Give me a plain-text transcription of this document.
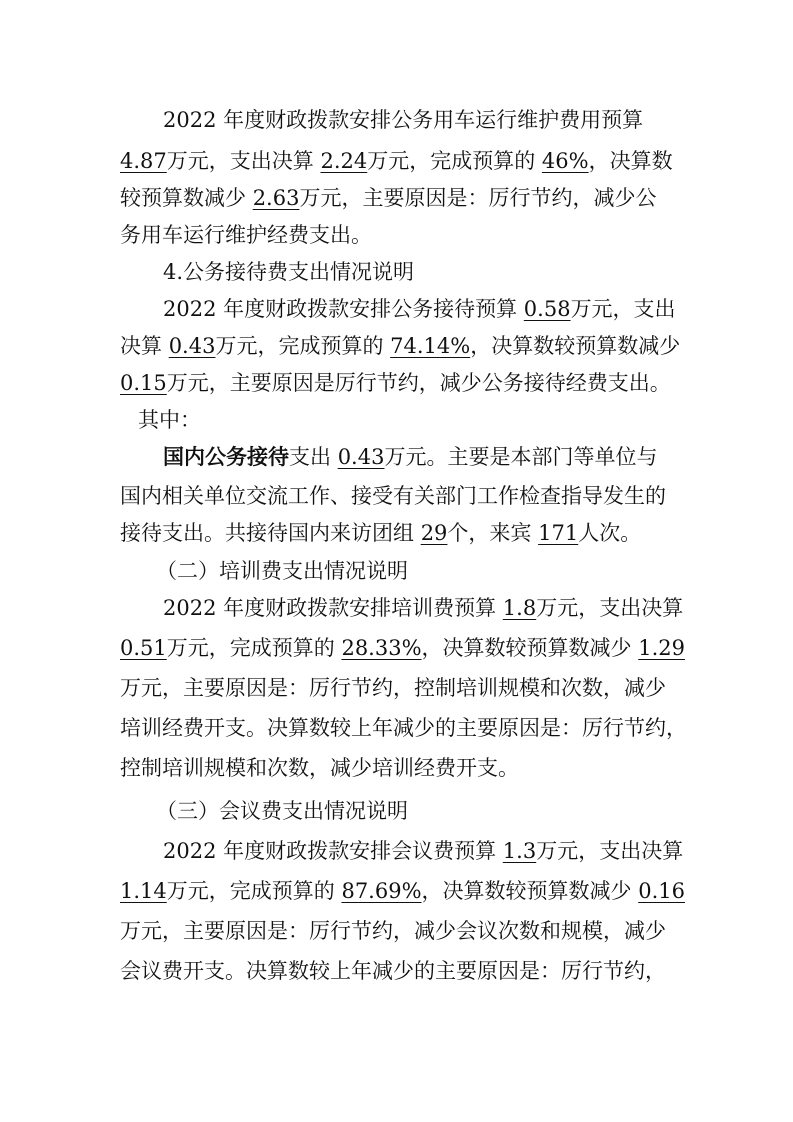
2022 年度财政拨款安排公务用车运行维护费用预算
4.87万元，支出决算 2.24万元，完成预算的 46%，决算数
较预算数减少 2.63万元，主要原因是：厉行节约，减少公
务用车运行维护经费支出。
4.公务接待费支出情况说明
2022 年度财政拨款安排公务接待预算 0.58万元，支出
决算 0.43万元，完成预算的 74.14%，决算数较预算数减少
0.15万元，主要原因是厉行节约，减少公务接待经费支出。
其中：
国内公务接待支出 0.43万元。主要是本部门等单位与
国内相关单位交流工作、接受有关部门工作检查指导发生的
接待支出。共接待国内来访团组 29个，来宾 171人次。
（二）培训费支出情况说明
2022 年度财政拨款安排培训费预算 1.8万元，支出决算
0.51万元，完成预算的 28.33%，决算数较预算数减少 1.29
万元，主要原因是：厉行节约，控制培训规模和次数，减少
培训经费开支。决算数较上年减少的主要原因是：厉行节约，
控制培训规模和次数，减少培训经费开支。
（三）会议费支出情况说明
2022 年度财政拨款安排会议费预算 1.3万元，支出决算
1.14万元，完成预算的 87.69%，决算数较预算数减少 0.16
万元，主要原因是：厉行节约，减少会议次数和规模，减少
会议费开支。决算数较上年减少的主要原因是：厉行节约，
